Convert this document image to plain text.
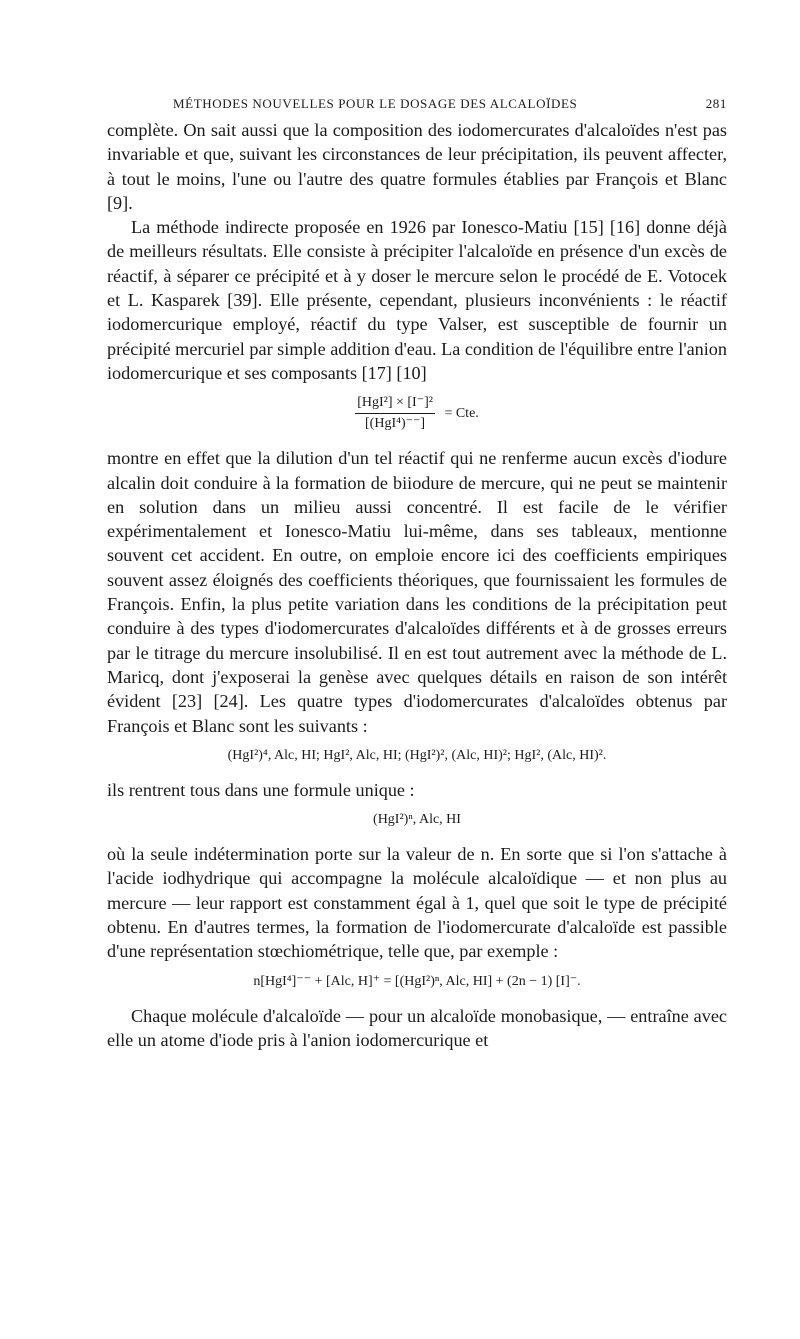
MÉTHODES NOUVELLES POUR LE DOSAGE DES ALCALOÏDES	281

complète. On sait aussi que la composition des iodomercurates d'alcaloïdes n'est pas invariable et que, suivant les circonstances de leur précipitation, ils peuvent affecter, à tout le moins, l'une ou l'autre des quatre formules établies par François et Blanc [9].

La méthode indirecte proposée en 1926 par Ionesco-Matiu [15] [16] donne déjà de meilleurs résultats. Elle consiste à précipiter l'alcaloïde en présence d'un excès de réactif, à séparer ce précipité et à y doser le mercure selon le procédé de E. Votocek et L. Kasparek [39]. Elle présente, cependant, plusieurs inconvénients : le réactif iodomercurique employé, réactif du type Valser, est susceptible de fournir un précipité mercuriel par simple addition d'eau. La condition de l'équilibre entre l'anion iodomercurique et ses composants [17] [10]

$\frac{\text{[HgI²] × [I⁻]²}}{\text{[(HgI⁴)⁻⁻]}}$ = Cte.

montre en effet que la dilution d'un tel réactif qui ne renferme aucun excès d'iodure alcalin doit conduire à la formation de biiodure de mercure, qui ne peut se maintenir en solution dans un milieu aussi concentré. Il est facile de le vérifier expérimentalement et Ionesco-Matiu lui-même, dans ses tableaux, mentionne souvent cet accident. En outre, on emploie encore ici des coefficients empiriques souvent assez éloignés des coefficients théoriques, que fournissaient les formules de François. Enfin, la plus petite variation dans les conditions de la précipitation peut conduire à des types d'iodomercurates d'alcaloïdes différents et à de grosses erreurs par le titrage du mercure insolubilisé. Il en est tout autrement avec la méthode de L. Maricq, dont j'exposerai la genèse avec quelques détails en raison de son intérêt évident [23] [24]. Les quatre types d'iodomercurates d'alcaloïdes obtenus par François et Blanc sont les suivants :

(HgI²)⁴, Alc, HI; HgI², Alc, HI; (HgI²)², (Alc, HI)²; HgI², (Alc, HI)².

ils rentrent tous dans une formule unique :

(HgI²)ⁿ, Alc, HI

où la seule indétermination porte sur la valeur de n. En sorte que si l'on s'attache à l'acide iodhydrique qui accompagne la molécule alcaloïdique — et non plus au mercure — leur rapport est constamment égal à 1, quel que soit le type de précipité obtenu. En d'autres termes, la formation de l'iodomercurate d'alcaloïde est passible d'une représentation stœchiométrique, telle que, par exemple :

n[HgI⁴]⁻⁻ + [Alc, H]⁺ = [(HgI²)ⁿ, Alc, HI] + (2n − 1) [I]⁻.

Chaque molécule d'alcaloïde — pour un alcaloïde monobasique, — entraîne avec elle un atome d'iode pris à l'anion iodomercurique et
